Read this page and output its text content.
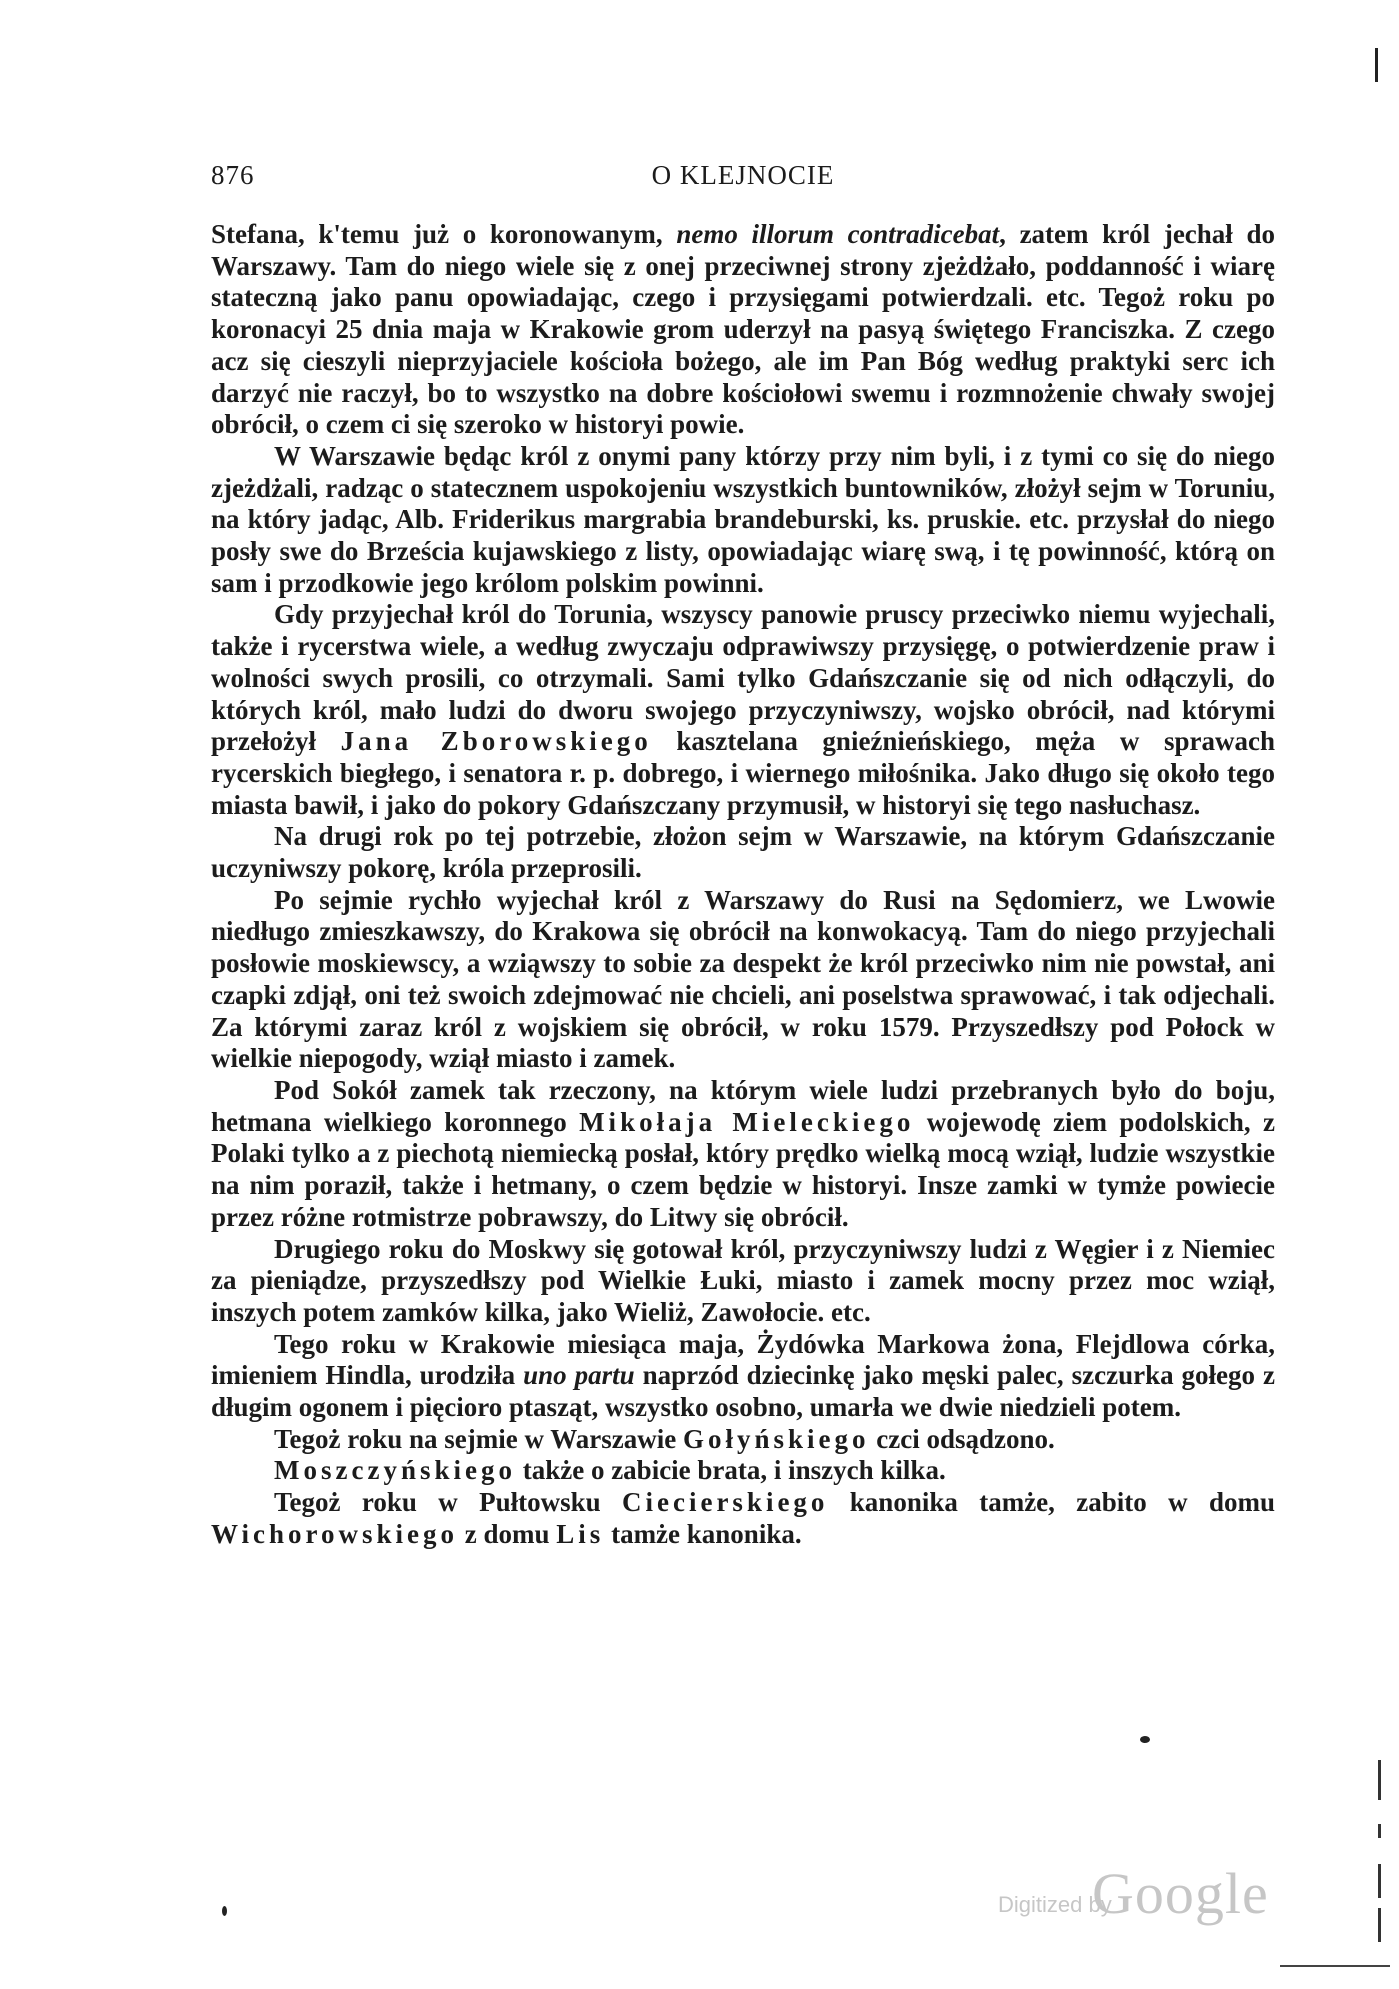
876	O KLEJNOCIE

Stefana, k'temu już o koronowanym, nemo illorum contradicebat, zatem król jechał do Warszawy. Tam do niego wiele się z onej przeciwnej strony zjeżdżało, poddanność i wiarę stateczną jako panu opowiadając, czego i przysięgami potwierdzali. etc. Tegoż roku po koronacyi 25 dnia maja w Krakowie grom uderzył na pasyą świętego Franciszka. Z czego acz się cieszyli nieprzyjaciele kościoła bożego, ale im Pan Bóg według praktyki serc ich darzyć nie raczył, bo to wszystko na dobre kościołowi swemu i rozmnożenie chwały swojej obrócił, o czem ci się szeroko w historyi powie.

W Warszawie będąc król z onymi pany którzy przy nim byli, i z tymi co się do niego zjeżdżali, radząc o statecznem uspokojeniu wszystkich buntowników, złożył sejm w Toruniu, na który jadąc, Alb. Friderikus margrabia brandeburski, ks. pruskie. etc. przysłał do niego posły swe do Brześcia kujawskiego z listy, opowiadając wiarę swą, i tę powinność, którą on sam i przodkowie jego królom polskim powinni.

Gdy przyjechał król do Torunia, wszyscy panowie pruscy przeciwko niemu wyjechali, także i rycerstwa wiele, a według zwyczaju odprawiwszy przysięgę, o potwierdzenie praw i wolności swych prosili, co otrzymali. Sami tylko Gdańszczanie się od nich odłączyli, do których król, mało ludzi do dworu swojego przyczyniwszy, wojsko obrócił, nad którymi przełożył Jana Zborowskiego kasztelana gnieźnieńskiego, męża w sprawach rycerskich biegłego, i senatora r. p. dobrego, i wiernego miłośnika. Jako długo się około tego miasta bawił, i jako do pokory Gdańszczany przymusił, w historyi się tego nasłuchasz.

Na drugi rok po tej potrzebie, złożon sejm w Warszawie, na którym Gdańszczanie uczyniwszy pokorę, króla przeprosili.

Po sejmie rychło wyjechał król z Warszawy do Rusi na Sędomierz, we Lwowie niedługo zmieszkawszy, do Krakowa się obrócił na konwokacyą. Tam do niego przyjechali posłowie moskiewscy, a wziąwszy to sobie za despekt że król przeciwko nim nie powstał, ani czapki zdjął, oni też swoich zdejmować nie chcieli, ani poselstwa sprawować, i tak odjechali. Za którymi zaraz król z wojskiem się obrócił, w roku 1579. Przyszedłszy pod Połock w wielkie niepogody, wziął miasto i zamek.

Pod Sokół zamek tak rzeczony, na którym wiele ludzi przebranych było do boju, hetmana wielkiego koronnego Mikołaja Mieleckiego wojewodę ziem podolskich, z Polaki tylko a z piechotą niemiecką posłał, który prędko wielką mocą wziął, ludzie wszystkie na nim poraził, także i hetmany, o czem będzie w historyi. Insze zamki w tymże powiecie przez różne rotmistrze pobrawszy, do Litwy się obrócił.

Drugiego roku do Moskwy się gotował król, przyczyniwszy ludzi z Węgier i z Niemiec za pieniądze, przyszedłszy pod Wielkie Łuki, miasto i zamek mocny przez moc wziął, inszych potem zamków kilka, jako Wieliż, Zawołocie. etc.

Tego roku w Krakowie miesiąca maja, Żydówka Markowa żona, Flejdlowa córka, imieniem Hindla, urodziła uno partu naprzód dziecinkę jako męski palec, szczurka gołego z długim ogonem i pięcioro ptasząt, wszystko osobno, umarła we dwie niedzieli potem.

Tegoż roku na sejmie w Warszawie Gołyńskiego czci odsądzono.

Moszczyńskiego także o zabicie brata, i inszych kilka.

Tegoż roku w Pułtowsku Ciecierskiego kanonika tamże, zabito w domu Wichorowskiego z domu Lis tamże kanonika.

Digitized by
Google
